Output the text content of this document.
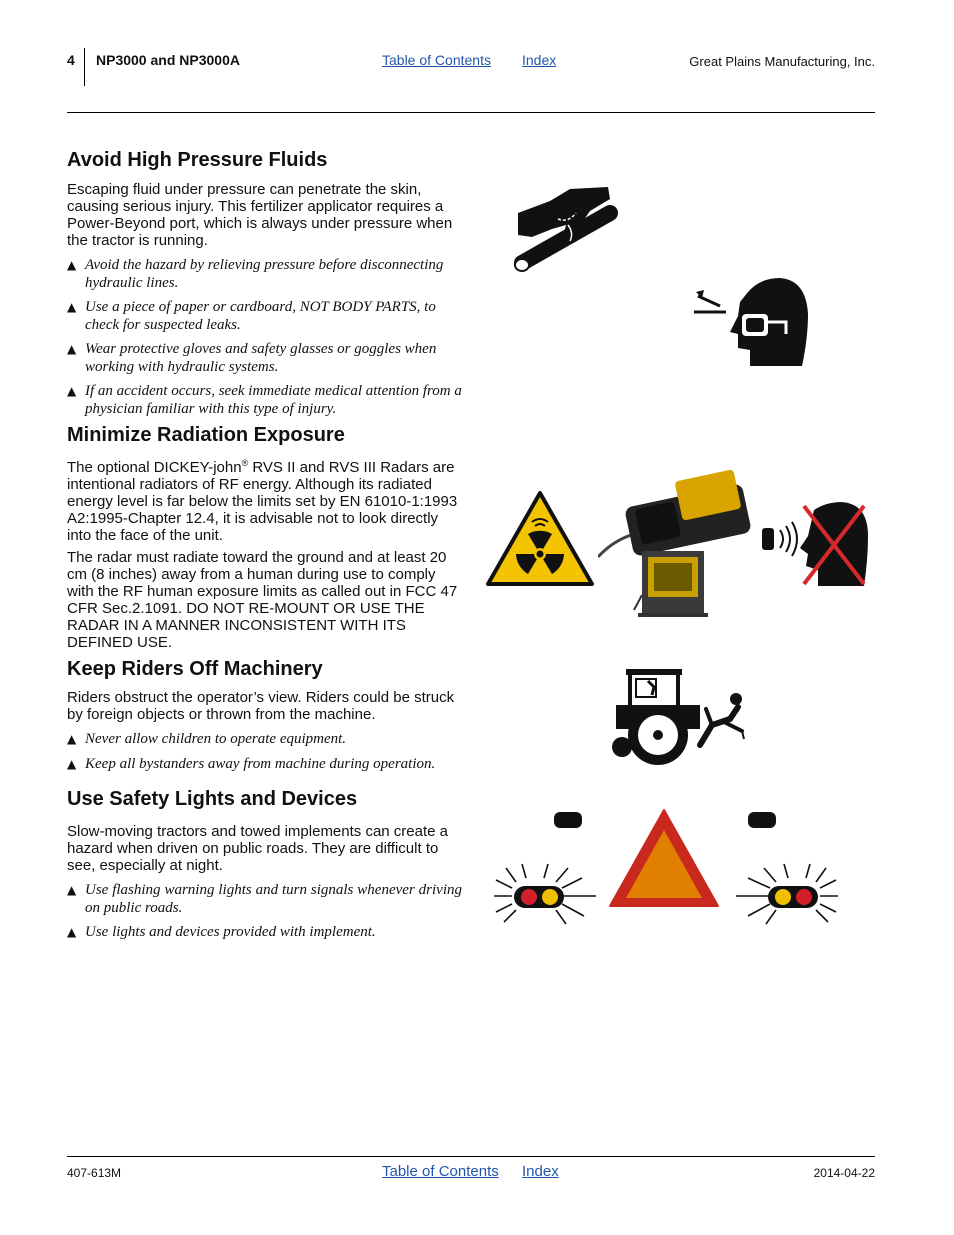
4 NP3000 and NP3000A	Table of Contents Index	Great Plains Manufacturing, Inc.
Avoid High Pressure Fluids

Escaping fluid under pressure can penetrate the skin, causing serious injury. This fertilizer applicator requires a Power-Beyond port, which is always under pressure when the tractor is running.

▲ Avoid the hazard by relieving pressure before disconnecting hydraulic lines.
▲ Use a piece of paper or cardboard, NOT BODY PARTS, to check for suspected leaks.
▲ Wear protective gloves and safety glasses or goggles when working with hydraulic systems.
▲ If an accident occurs, seek immediate medical attention from a physician familiar with this type of injury.
Minimize Radiation Exposure

The optional DICKEY-john® RVS II and RVS III Radars are intentional radiators of RF energy. Although its radiated energy level is far below the limits set by EN 61010-1:1993 A2:1995-Chapter 12.4, it is advisable not to look directly into the face of the unit.

The radar must radiate toward the ground and at least 20 cm (8 inches) away from a human during use to comply with the RF human exposure limits as called out in FCC 47 CFR Sec.2.1091. DO NOT RE-MOUNT OR USE THE RADAR IN A MANNER INCONSISTENT WITH ITS DEFINED USE.

Keep Riders Off Machinery

Riders obstruct the operator’s view. Riders could be struck by foreign objects or thrown from the machine.

▲ Never allow children to operate equipment.
▲ Keep all bystanders away from machine during operation.
Use Safety Lights and Devices

Slow-moving tractors and towed implements can create a hazard when driven on public roads. They are difficult to see, especially at night.

▲ Use flashing warning lights and turn signals whenever driving on public roads.
▲ Use lights and devices provided with implement.
407-613M	Table of Contents Index	2014-04-22
